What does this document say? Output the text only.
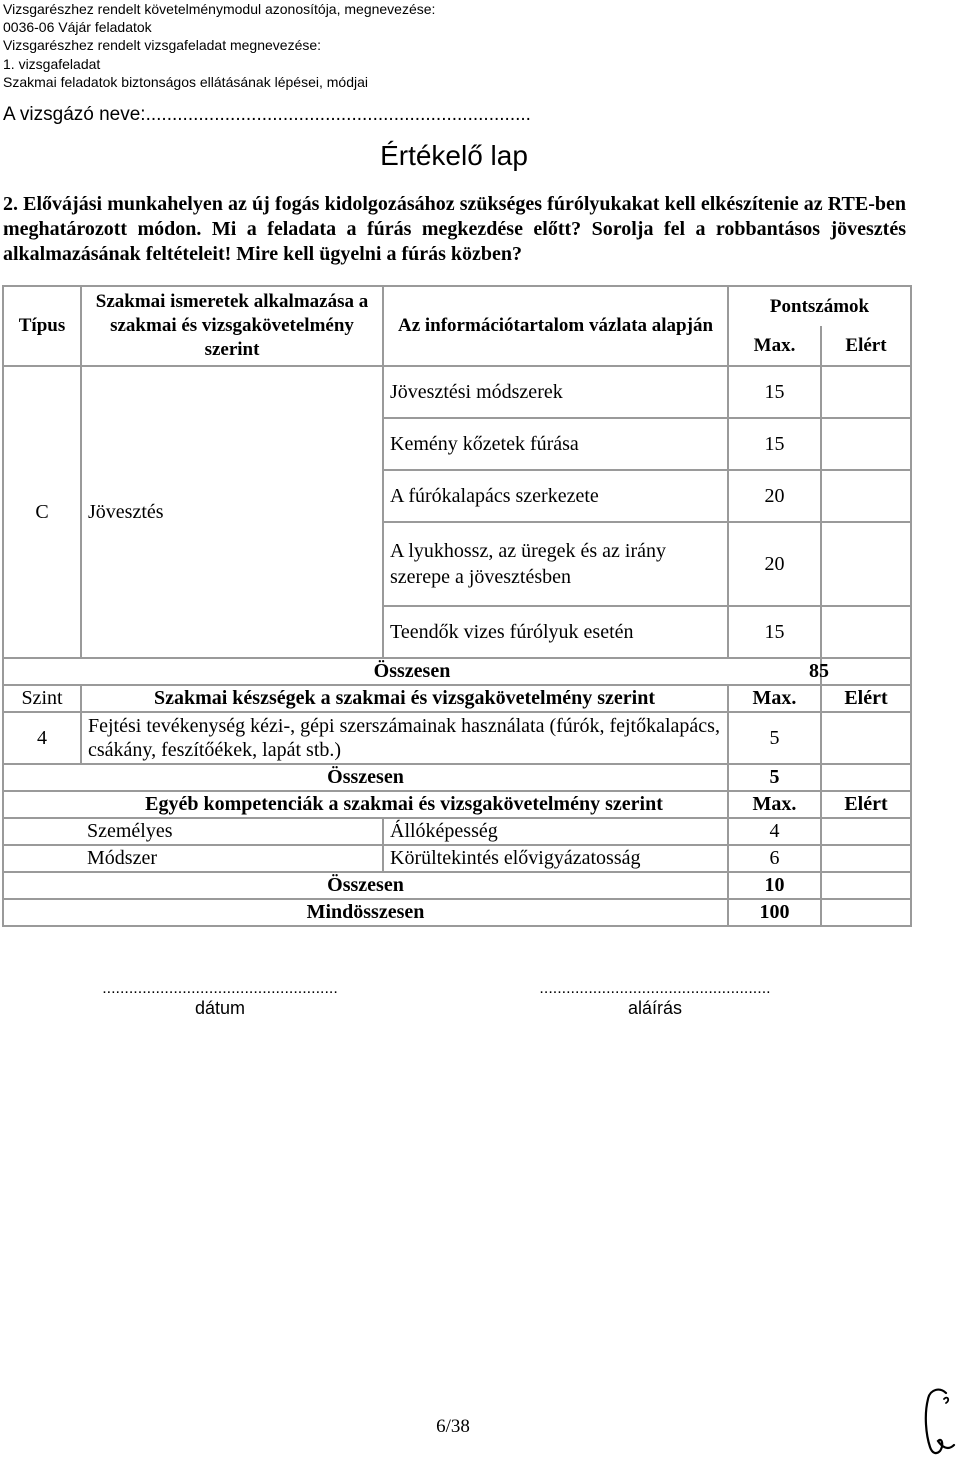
Vizsgarészhez rendelt követelménymodul azonosítója, megnevezése:
0036-06 Vájár feladatok
Vizsgarészhez rendelt vizsgafeladat megnevezése:
1. vizsgafeladat
Szakmai feladatok biztonságos ellátásának lépései, módjai
A vizsgázó neve:.........................................................................
Értékelő lap
2. Elővájási munkahelyen az új fogás kidolgozásához szükséges fúrólyukakat kell elkészítenie az RTE-ben meghatározott módon. Mi a feladata a fúrás megkezdése előtt? Sorolja fel a robbantásos jövesztés alkalmazásának feltételeit! Mire kell ügyelni a fúrás közben?
Típus	Szakmai ismeretek alkalmazása a szakmai és vizsgakövetelmény szerint	Az információtartalom vázlata alapján	Pontszámok	
			Max.	Elért
C	Jövesztés	Jövesztési módszerek	15	
		Kemény kőzetek fúrása	15	
		A fúrókalapács szerkezete	20	
		A lyukhossz, az üregek és az irány szerepe a jövesztésben	20	
		Teendők vizes fúrólyuk esetén	15	
Összesen 85				

Szint	Szakmai készségek a szakmai és vizsgakövetelmény szerint		Max.	Elért
4	Fejtési tevékenység kézi-, gépi szerszámainak használata (fúrók, fejtőkalapács, csákány, feszítőékek, lapát stb.)		5	
Összesen			5	
	Egyéb kompetenciák a szakmai és vizsgakövetelmény szerint		Max.	Elért
	Személyes	Állóképesség	4	
	Módszer	Körültekintés elővigyázatosság	6	
Összesen			10	
Mindösszesen			100	
.....................................................
dátum
....................................................
aláírás
6/38
